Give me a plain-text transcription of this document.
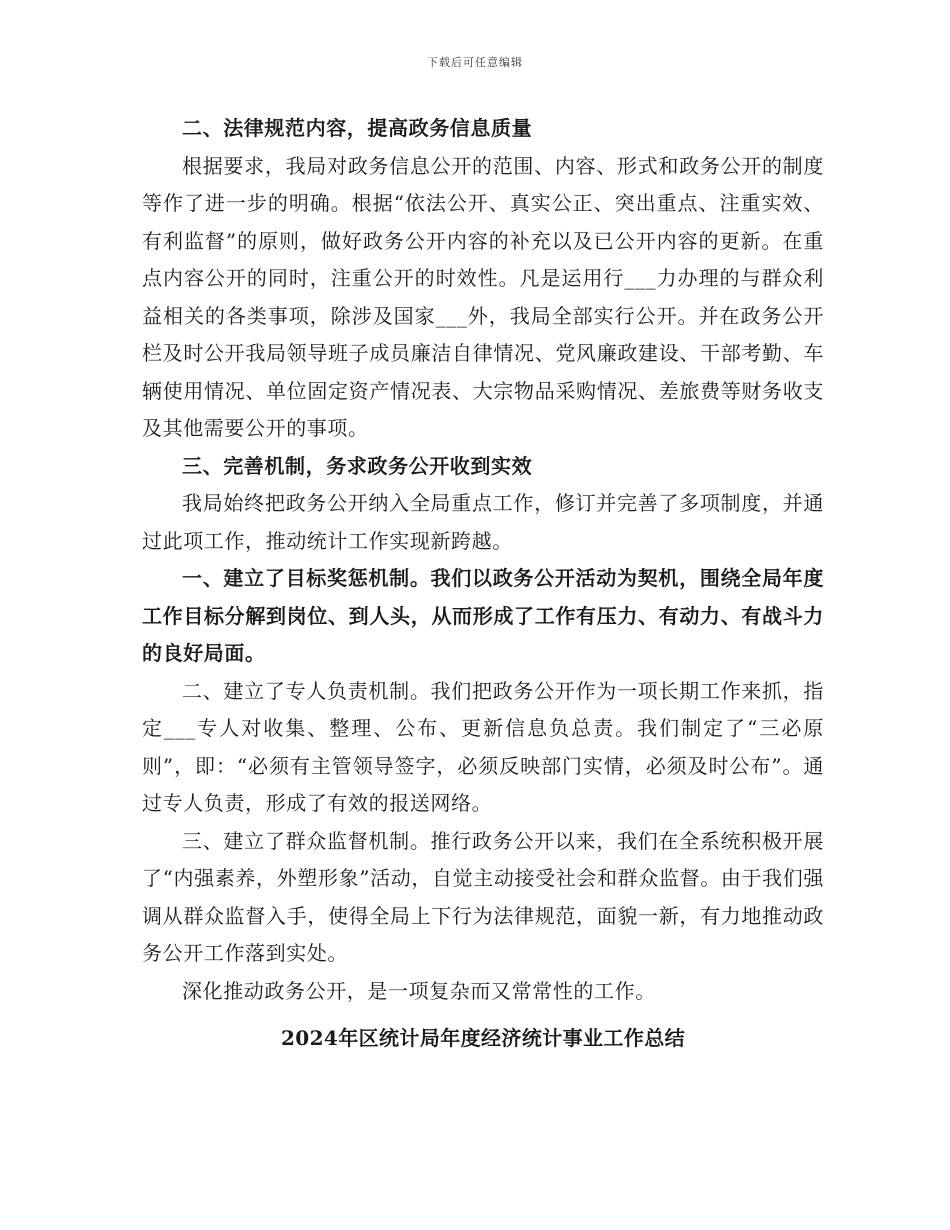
下载后可任意编辑

二、法律规范内容，提高政务信息质量

根据要求，我局对政务信息公开的范围、内容、形式和政务公开的制度等作了进一步的明确。根据“依法公开、真实公正、突出重点、注重实效、有利监督”的原则，做好政务公开内容的补充以及已公开内容的更新。在重点内容公开的同时，注重公开的时效性。凡是运用行___力办理的与群众利益相关的各类事项，除涉及国家___外，我局全部实行公开。并在政务公开栏及时公开我局领导班子成员廉洁自律情况、党风廉政建设、干部考勤、车辆使用情况、单位固定资产情况表、大宗物品采购情况、差旅费等财务收支及其他需要公开的事项。

三、完善机制，务求政务公开收到实效

我局始终把政务公开纳入全局重点工作，修订并完善了多项制度，并通过此项工作，推动统计工作实现新跨越。

一、建立了目标奖惩机制。我们以政务公开活动为契机，围绕全局年度工作目标分解到岗位、到人头，从而形成了工作有压力、有动力、有战斗力的良好局面。

二、建立了专人负责机制。我们把政务公开作为一项长期工作来抓，指定___专人对收集、整理、公布、更新信息负总责。我们制定了“三必原则”，即：“必须有主管领导签字，必须反映部门实情，必须及时公布”。通过专人负责，形成了有效的报送网络。

三、建立了群众监督机制。推行政务公开以来，我们在全系统积极开展了“内强素养，外塑形象”活动，自觉主动接受社会和群众监督。由于我们强调从群众监督入手，使得全局上下行为法律规范，面貌一新，有力地推动政务公开工作落到实处。

深化推动政务公开，是一项复杂而又常常性的工作。

2024年区统计局年度经济统计事业工作总结
